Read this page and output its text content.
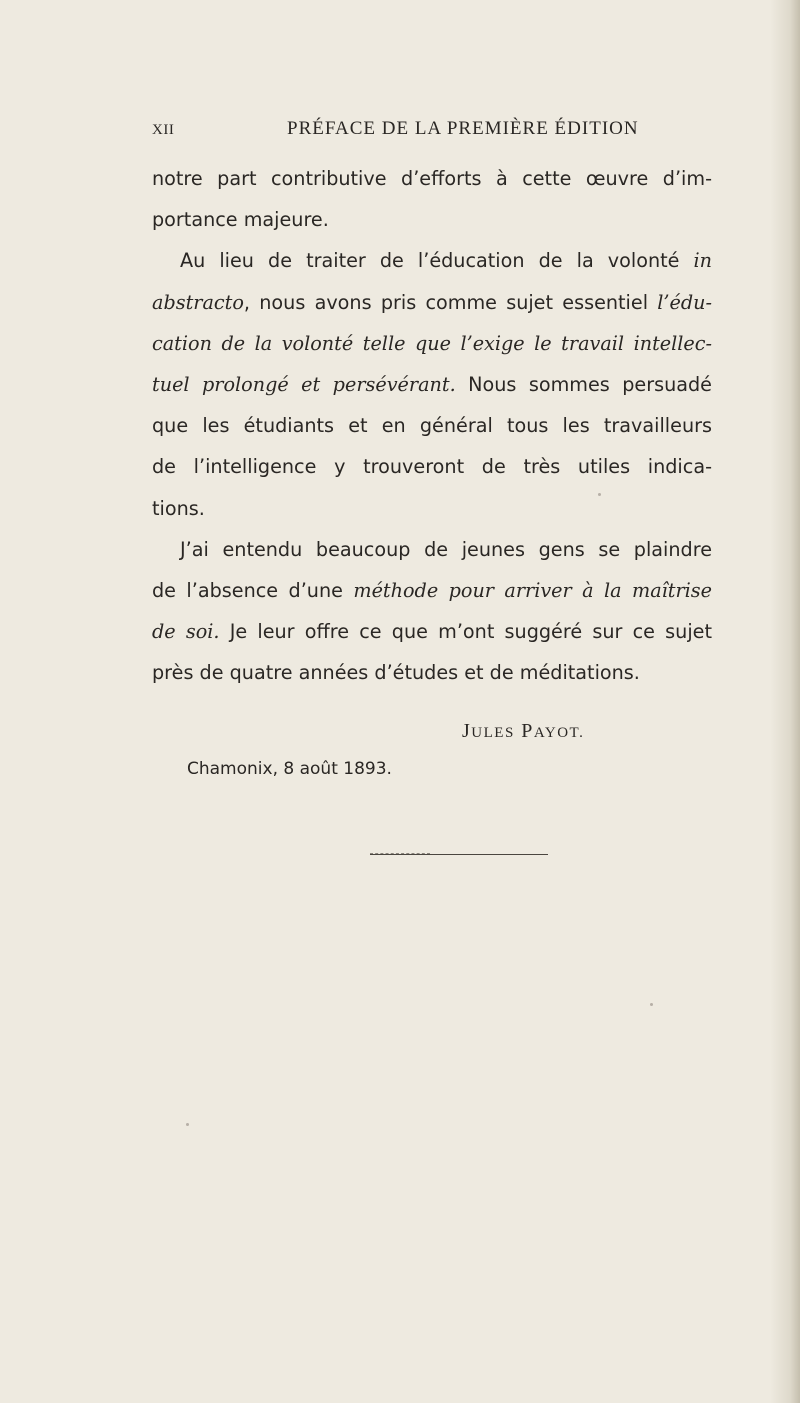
XII	PRÉFACE DE LA PREMIÈRE ÉDITION
notre part contributive d’efforts à cette œuvre d’im-
portance majeure.
Au lieu de traiter de l’éducation de la volonté in
abstracto, nous avons pris comme sujet essentiel l’édu-
cation de la volonté telle que l’exige le travail intellec-
tuel prolongé et persévérant. Nous sommes persuadé
que les étudiants et en général tous les travailleurs
de l’intelligence y trouveront de très utiles indica-
tions.
J’ai entendu beaucoup de jeunes gens se plaindre
de l’absence d’une méthode pour arriver à la maîtrise
de soi. Je leur offre ce que m’ont suggéré sur ce sujet
près de quatre années d’études et de méditations.
JULES PAYOT.
Chamonix, 8 août 1893.
